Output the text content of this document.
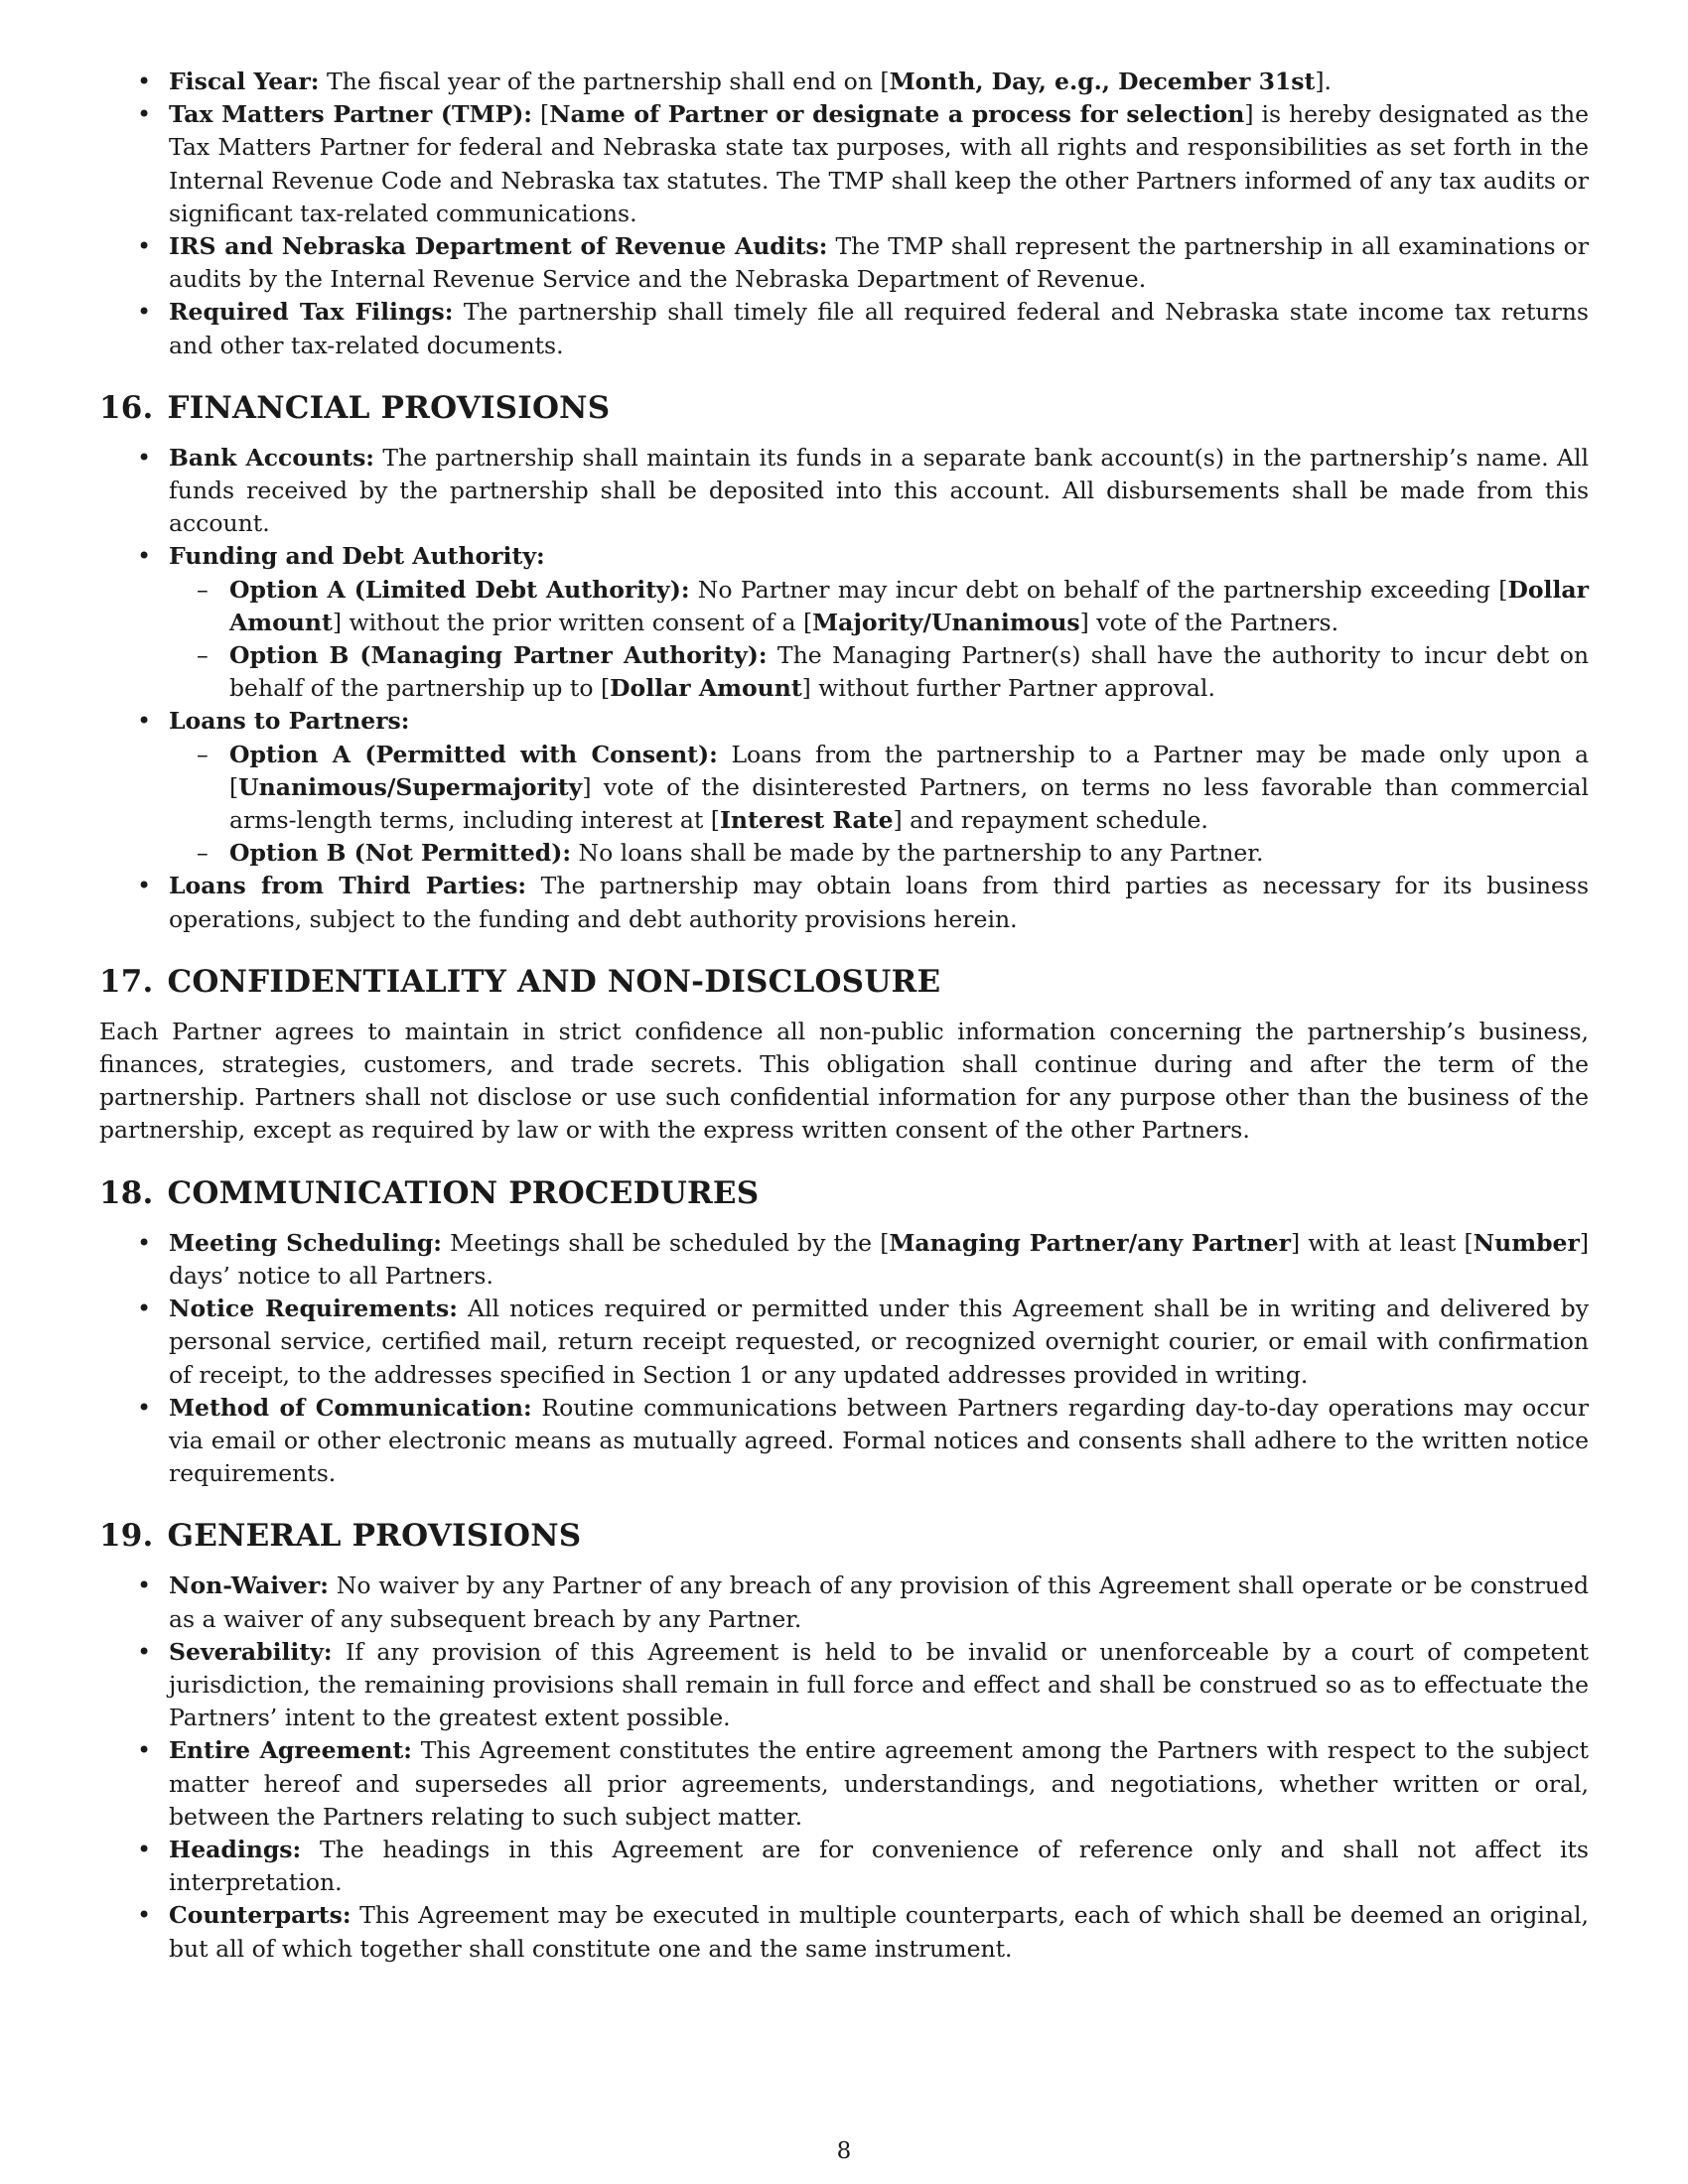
• Fiscal Year: The fiscal year of the partnership shall end on [Month, Day, e.g., December 31st].
• Tax Matters Partner (TMP): [Name of Partner or designate a process for selection] is hereby designated as the Tax Matters Partner for federal and Nebraska state tax purposes, with all rights and responsibilities as set forth in the Internal Revenue Code and Nebraska tax statutes. The TMP shall keep the other Partners informed of any tax audits or significant tax-related communications.
• IRS and Nebraska Department of Revenue Audits: The TMP shall represent the partnership in all examinations or audits by the Internal Revenue Service and the Nebraska Department of Revenue.
• Required Tax Filings: The partnership shall timely file all required federal and Nebraska state income tax returns and other tax-related documents.
16. FINANCIAL PROVISIONS
• Bank Accounts: The partnership shall maintain its funds in a separate bank account(s) in the partnership’s name. All funds received by the partnership shall be deposited into this account. All disbursements shall be made from this account.
• Funding and Debt Authority:
– Option A (Limited Debt Authority): No Partner may incur debt on behalf of the partnership exceeding [Dollar Amount] without the prior written consent of a [Majority/Unanimous] vote of the Partners.
– Option B (Managing Partner Authority): The Managing Partner(s) shall have the authority to incur debt on behalf of the partnership up to [Dollar Amount] without further Partner approval.
• Loans to Partners:
– Option A (Permitted with Consent): Loans from the partnership to a Partner may be made only upon a [Unanimous/Supermajority] vote of the disinterested Partners, on terms no less favorable than commercial arms-length terms, including interest at [Interest Rate] and repayment schedule.
– Option B (Not Permitted): No loans shall be made by the partnership to any Partner.
• Loans from Third Parties: The partnership may obtain loans from third parties as necessary for its business operations, subject to the funding and debt authority provisions herein.
17. CONFIDENTIALITY AND NON-DISCLOSURE

Each Partner agrees to maintain in strict confidence all non-public information concerning the partnership’s business, finances, strategies, customers, and trade secrets. This obligation shall continue during and after the term of the partnership. Partners shall not disclose or use such confidential information for any purpose other than the business of the partnership, except as required by law or with the express written consent of the other Partners.

18. COMMUNICATION PROCEDURES
• Meeting Scheduling: Meetings shall be scheduled by the [Managing Partner/any Partner] with at least [Number] days’ notice to all Partners.
• Notice Requirements: All notices required or permitted under this Agreement shall be in writing and delivered by personal service, certified mail, return receipt requested, or recognized overnight courier, or email with confirmation of receipt, to the addresses specified in Section 1 or any updated addresses provided in writing.
• Method of Communication: Routine communications between Partners regarding day-to-day operations may occur via email or other electronic means as mutually agreed. Formal notices and consents shall adhere to the written notice requirements.
19. GENERAL PROVISIONS
• Non-Waiver: No waiver by any Partner of any breach of any provision of this Agreement shall operate or be construed as a waiver of any subsequent breach by any Partner.
• Severability: If any provision of this Agreement is held to be invalid or unenforceable by a court of competent jurisdiction, the remaining provisions shall remain in full force and effect and shall be construed so as to effectuate the Partners’ intent to the greatest extent possible.
• Entire Agreement: This Agreement constitutes the entire agreement among the Partners with respect to the subject matter hereof and supersedes all prior agreements, understandings, and negotiations, whether written or oral, between the Partners relating to such subject matter.
• Headings: The headings in this Agreement are for convenience of reference only and shall not affect its interpretation.
• Counterparts: This Agreement may be executed in multiple counterparts, each of which shall be deemed an original, but all of which together shall constitute one and the same instrument.
8
